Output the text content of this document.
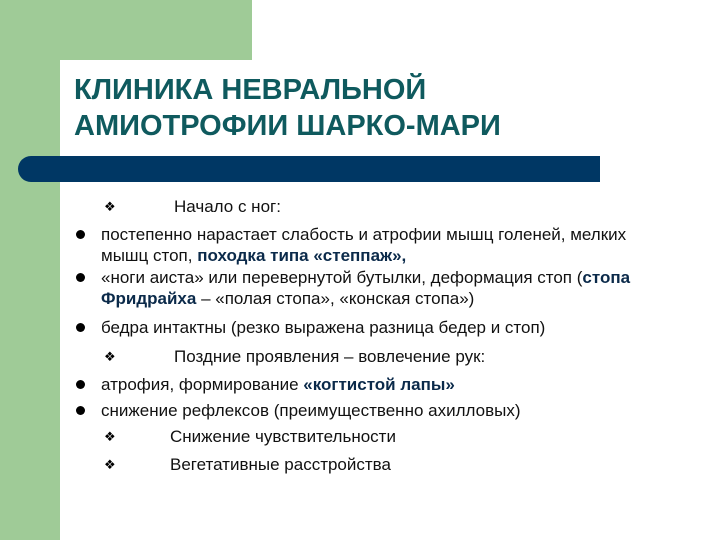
КЛИНИКА НЕВРАЛЬНОЙ
АМИОТРОФИИ ШАРКО-МАРИ
❖	Начало с ног:
постепенно нарастает слабость и атрофии мышц голеней, мелких мышц стоп, походка типа «степпаж»,
«ноги аиста» или перевернутой бутылки, деформация стоп (стопа Фридрайха – «полая стопа», «конская стопа»)
бедра интактны (резко выражена разница бедер и стоп)
❖	Поздние проявления – вовлечение рук:
атрофия, формирование «когтистой лапы»
снижение рефлексов (преимущественно ахилловых)
❖	Снижение чувствительности
❖	Вегетативные расстройства
